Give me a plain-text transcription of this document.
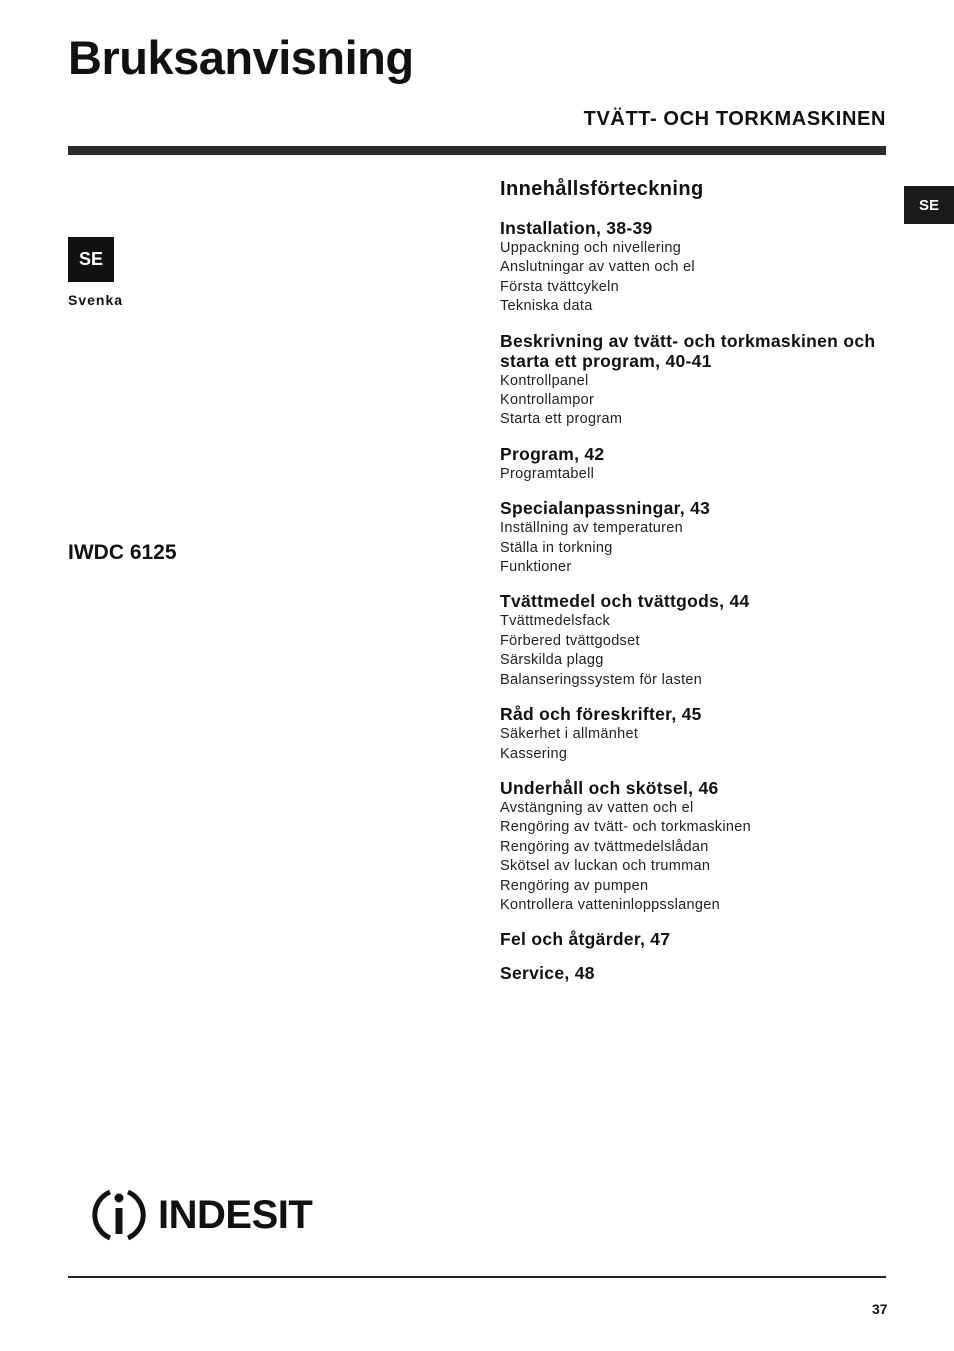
Bruksanvisning
TVÄTT- OCH TORKMASKINEN
SE
SE
Svenka
IWDC 6125
Innehållsförteckning
Installation, 38-39
Uppackning och nivellering
Anslutningar av vatten och el
Första tvättcykeln
Tekniska data
Beskrivning av tvätt- och torkmaskinen och starta ett program, 40-41
Kontrollpanel
Kontrollampor
Starta ett program
Program, 42
Programtabell
Specialanpassningar, 43
Inställning av temperaturen
Ställa in torkning
Funktioner
Tvättmedel och tvättgods, 44
Tvättmedelsfack
Förbered tvättgodset
Särskilda plagg
Balanseringssystem för lasten
Råd och föreskrifter, 45
Säkerhet i allmänhet
Kassering
Underhåll och skötsel, 46
Avstängning av vatten och el
Rengöring av tvätt- och torkmaskinen
Rengöring av tvättmedelslådan
Skötsel av luckan och trumman
Rengöring av pumpen
Kontrollera vatteninloppsslangen
Fel och åtgärder, 47
Service, 48
INDESIT
37
